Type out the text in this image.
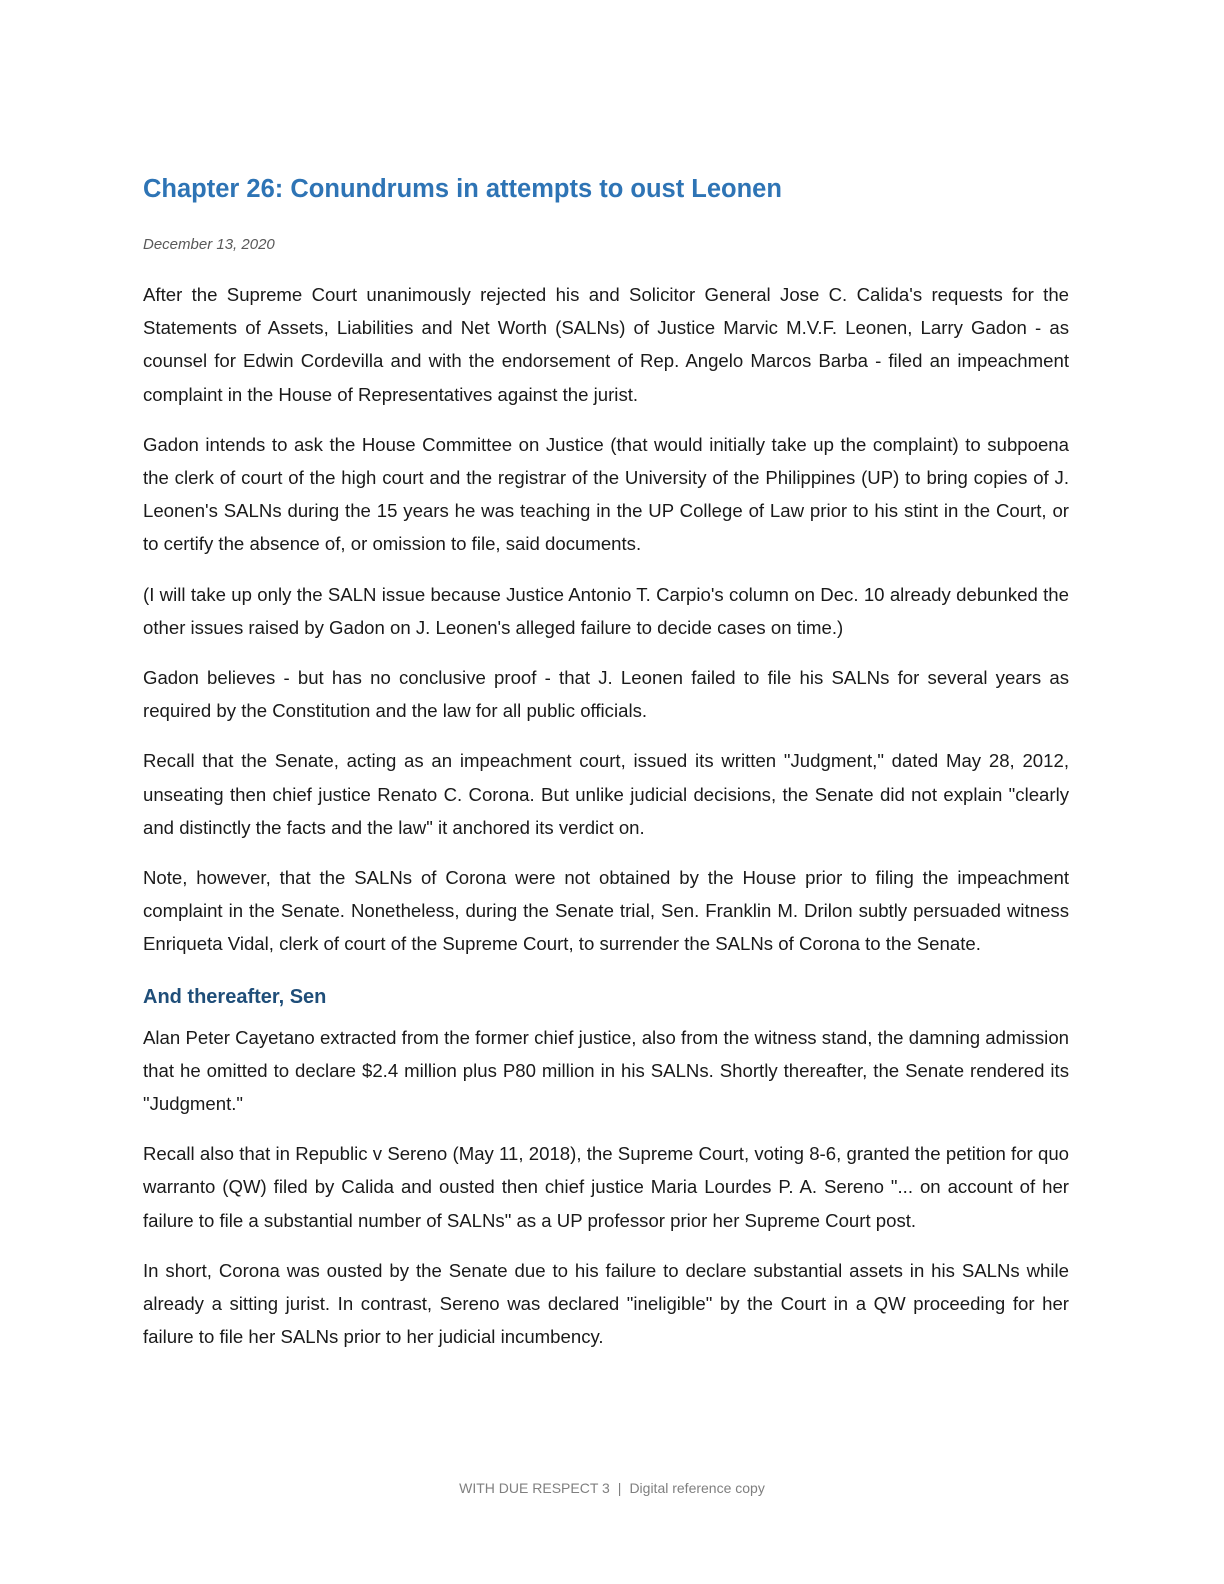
Chapter 26: Conundrums in attempts to oust Leonen
December 13, 2020

After the Supreme Court unanimously rejected his and Solicitor General Jose C. Calida's requests for the Statements of Assets, Liabilities and Net Worth (SALNs) of Justice Marvic M.V.F. Leonen, Larry Gadon - as counsel for Edwin Cordevilla and with the endorsement of Rep. Angelo Marcos Barba - filed an impeachment complaint in the House of Representatives against the jurist.

Gadon intends to ask the House Committee on Justice (that would initially take up the complaint) to subpoena the clerk of court of the high court and the registrar of the University of the Philippines (UP) to bring copies of J. Leonen's SALNs during the 15 years he was teaching in the UP College of Law prior to his stint in the Court, or to certify the absence of, or omission to file, said documents.

(I will take up only the SALN issue because Justice Antonio T. Carpio's column on Dec. 10 already debunked the other issues raised by Gadon on J. Leonen's alleged failure to decide cases on time.)

Gadon believes - but has no conclusive proof - that J. Leonen failed to file his SALNs for several years as required by the Constitution and the law for all public officials.

Recall that the Senate, acting as an impeachment court, issued its written "Judgment," dated May 28, 2012, unseating then chief justice Renato C. Corona. But unlike judicial decisions, the Senate did not explain "clearly and distinctly the facts and the law" it anchored its verdict on.

Note, however, that the SALNs of Corona were not obtained by the House prior to filing the impeachment complaint in the Senate. Nonetheless, during the Senate trial, Sen. Franklin M. Drilon subtly persuaded witness Enriqueta Vidal, clerk of court of the Supreme Court, to surrender the SALNs of Corona to the Senate.

And thereafter, Sen

Alan Peter Cayetano extracted from the former chief justice, also from the witness stand, the damning admission that he omitted to declare $2.4 million plus P80 million in his SALNs. Shortly thereafter, the Senate rendered its "Judgment."

Recall also that in Republic v Sereno (May 11, 2018), the Supreme Court, voting 8-6, granted the petition for quo warranto (QW) filed by Calida and ousted then chief justice Maria Lourdes P. A. Sereno "... on account of her failure to file a substantial number of SALNs" as a UP professor prior her Supreme Court post.

In short, Corona was ousted by the Senate due to his failure to declare substantial assets in his SALNs while already a sitting jurist. In contrast, Sereno was declared "ineligible" by the Court in a QW proceeding for her failure to file her SALNs prior to her judicial incumbency.

WITH DUE RESPECT 3 | Digital reference copy
